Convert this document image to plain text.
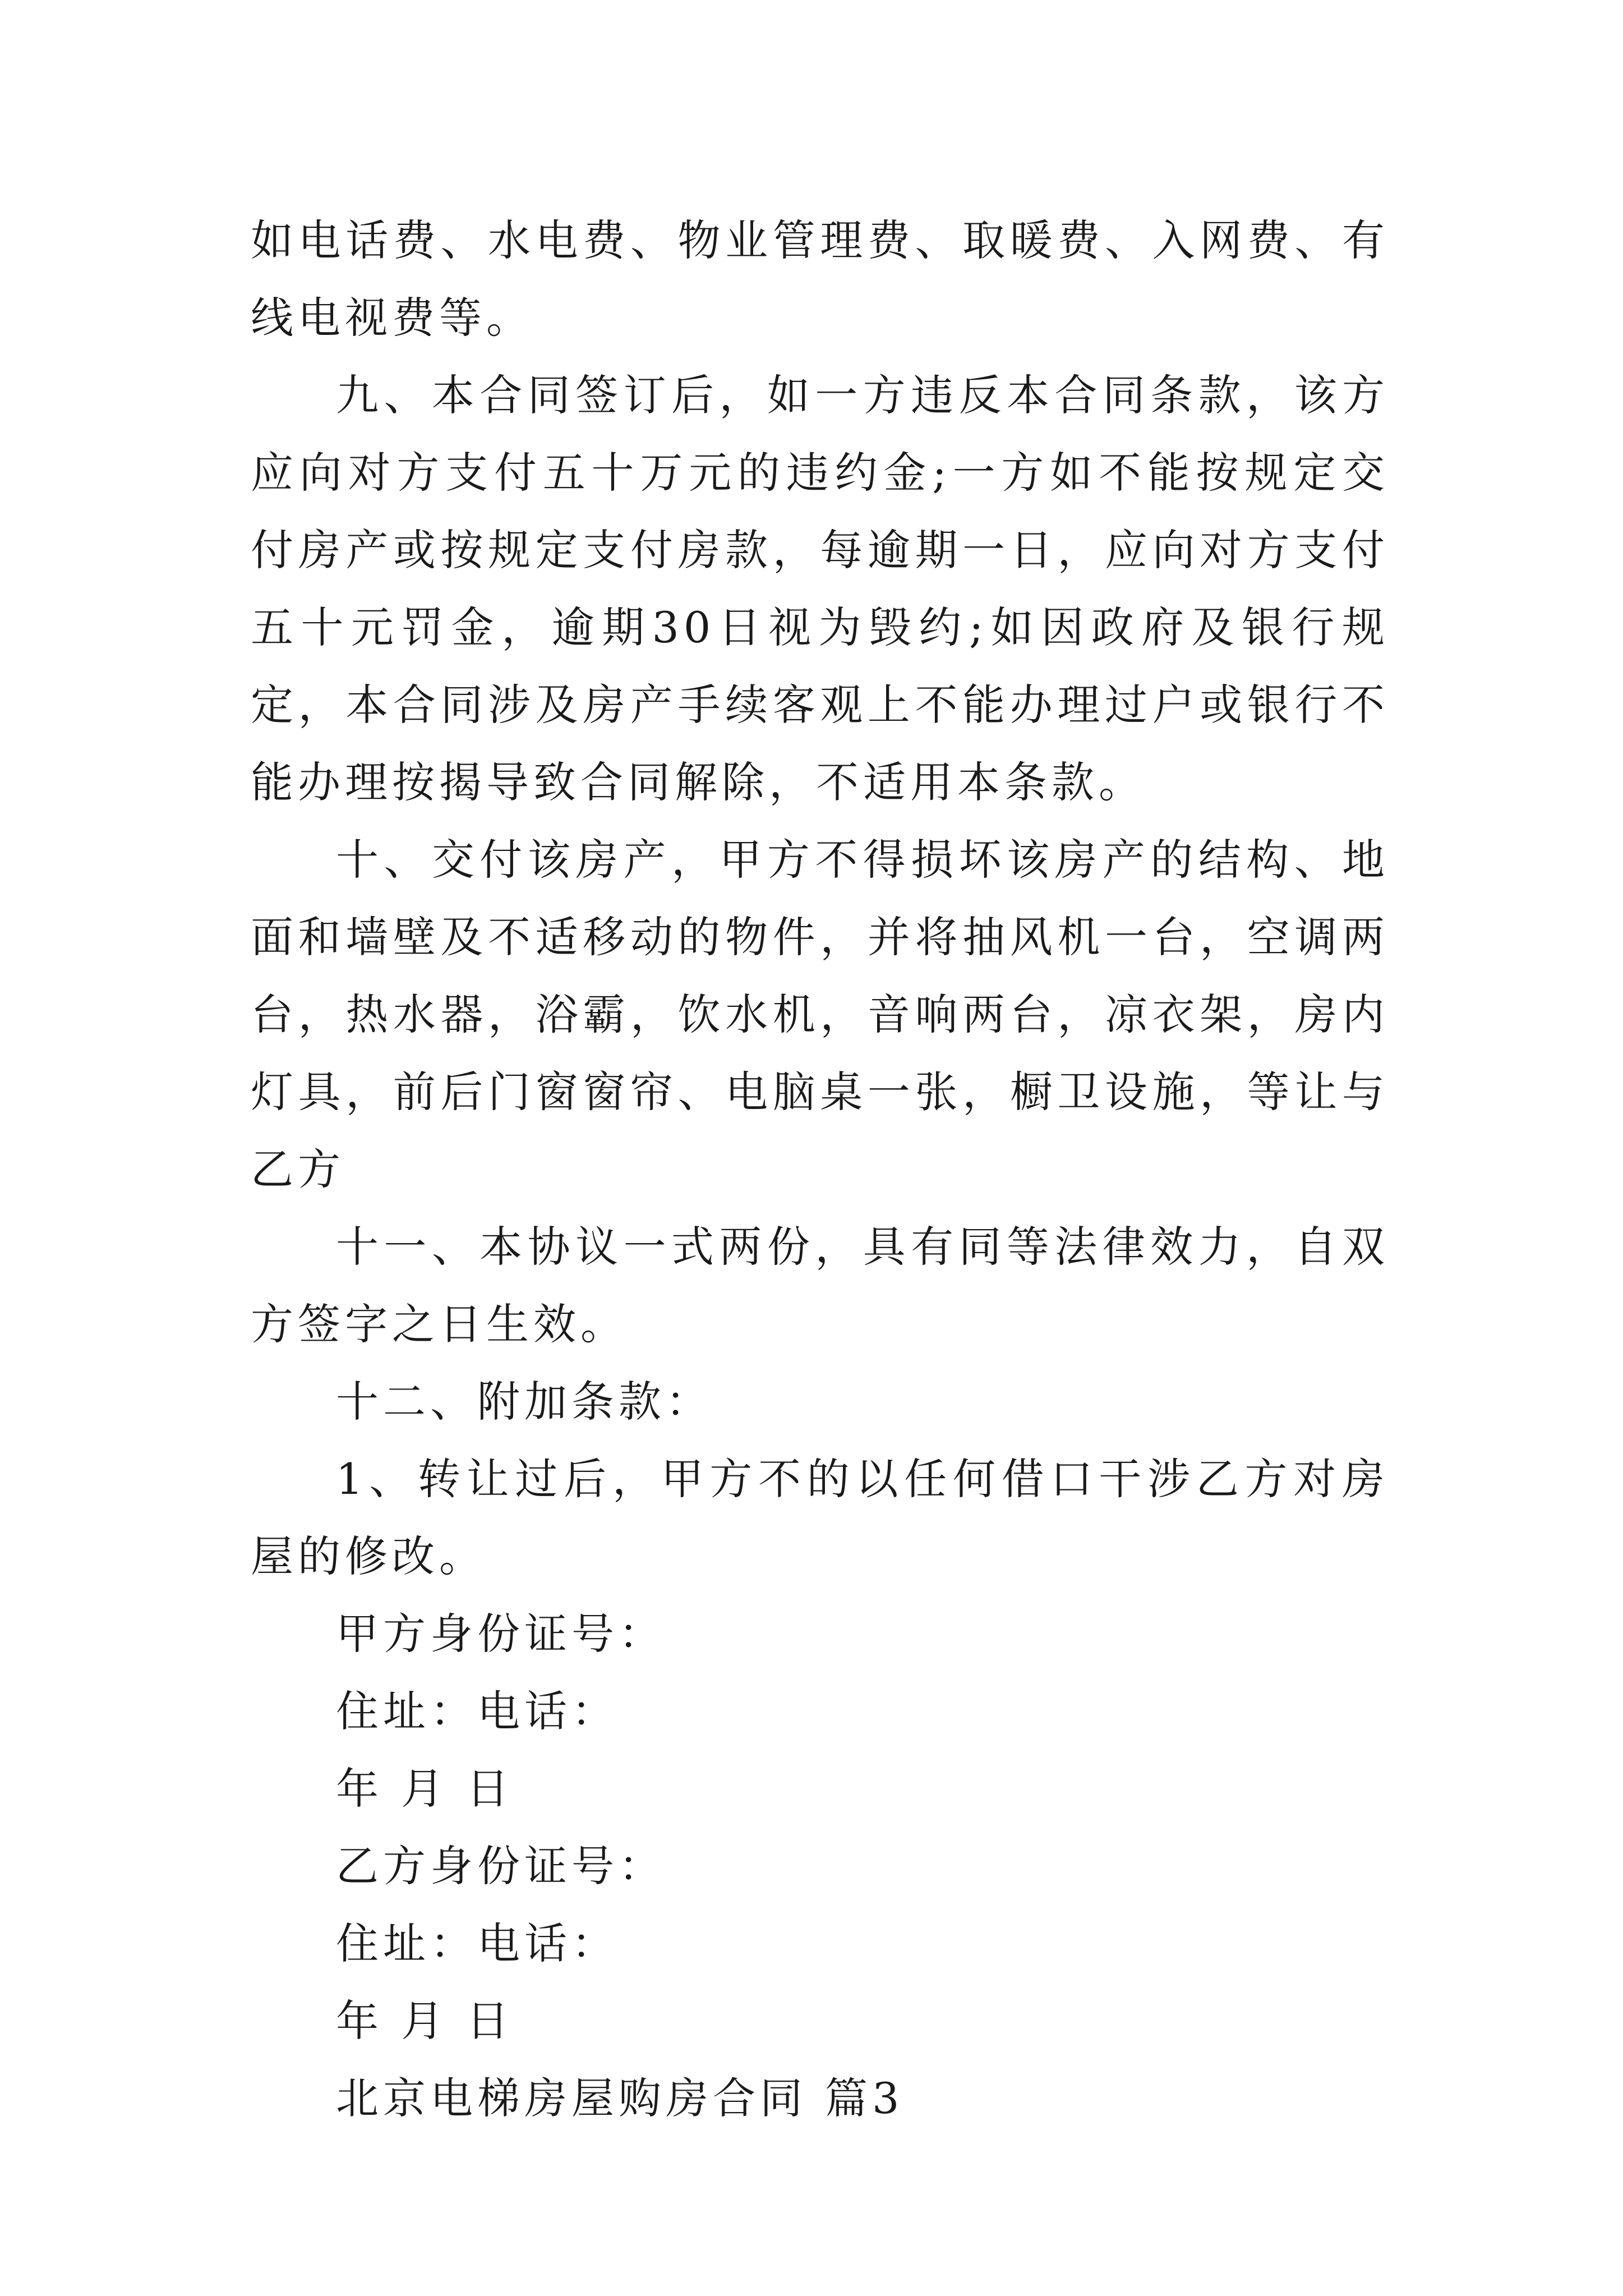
如电话费、水电费、物业管理费、取暖费、入网费、有线电视费等。

九、本合同签订后，如一方违反本合同条款，该方应向对方支付五十万元的违约金;一方如不能按规定交付房产或按规定支付房款，每逾期一日，应向对方支付五十元罚金，逾期30日视为毁约;如因政府及银行规定，本合同涉及房产手续客观上不能办理过户或银行不能办理按揭导致合同解除，不适用本条款。

十、交付该房产，甲方不得损坏该房产的结构、地面和墙壁及不适移动的物件，并将抽风机一台，空调两台，热水器，浴霸，饮水机，音响两台，凉衣架，房内灯具，前后门窗窗帘、电脑桌一张，橱卫设施，等让与乙方

十一、本协议一式两份，具有同等法律效力，自双方签字之日生效。

十二、附加条款：

1、转让过后，甲方不的以任何借口干涉乙方对房屋的修改。

甲方身份证号：

住址：电话：

年 月 日

乙方身份证号：

住址：电话：

年 月 日

北京电梯房屋购房合同 篇3
